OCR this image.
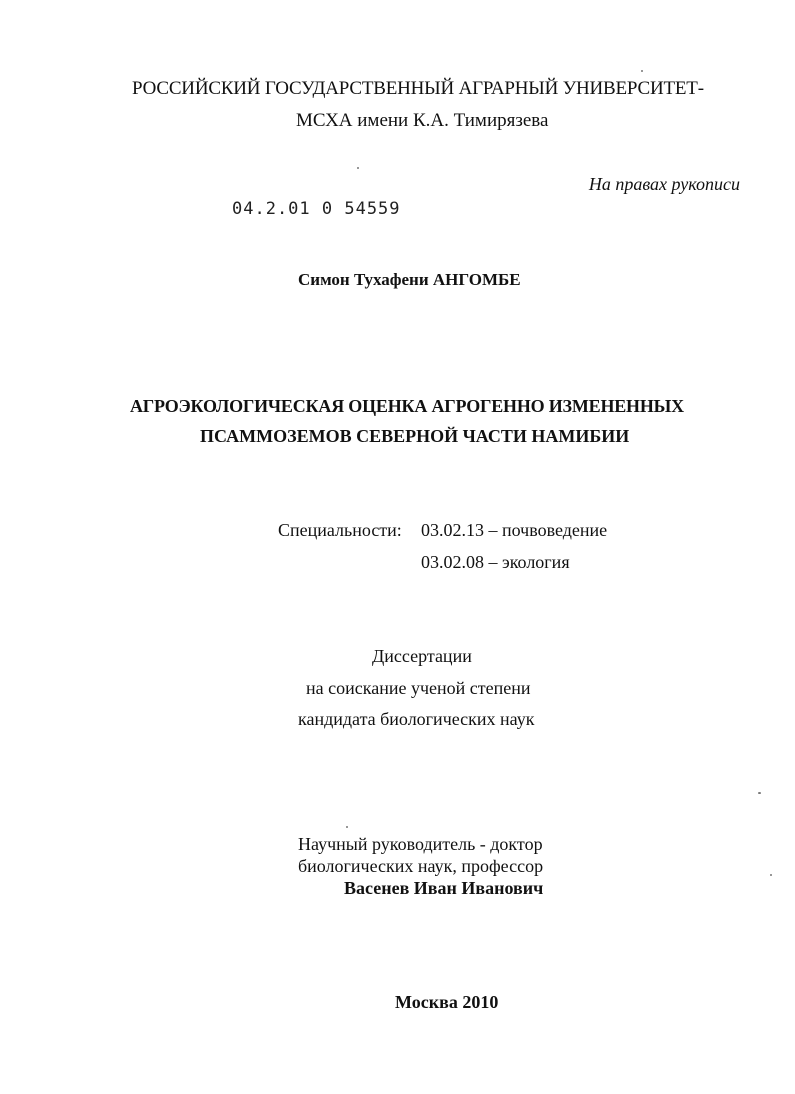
РОССИЙСКИЙ ГОСУДАРСТВЕННЫЙ АГРАРНЫЙ УНИВЕРСИТЕТ-
МСХА имени К.А. Тимирязева
На правах рукописи
04.2.01 0 54559
Симон Тухафени АНГОМБЕ
АГРОЭКОЛОГИЧЕСКАЯ ОЦЕНКА АГРОГЕННО ИЗМЕНЕННЫХ
ПСАММОЗЕМОВ СЕВЕРНОЙ ЧАСТИ НАМИБИИ
Специальности: 03.02.13 – почвоведение
03.02.08 – экология
Диссертации
на соискание ученой степени
кандидата биологических наук
Научный руководитель - доктор
биологических наук, профессор
Васенев Иван Иванович
Москва 2010
